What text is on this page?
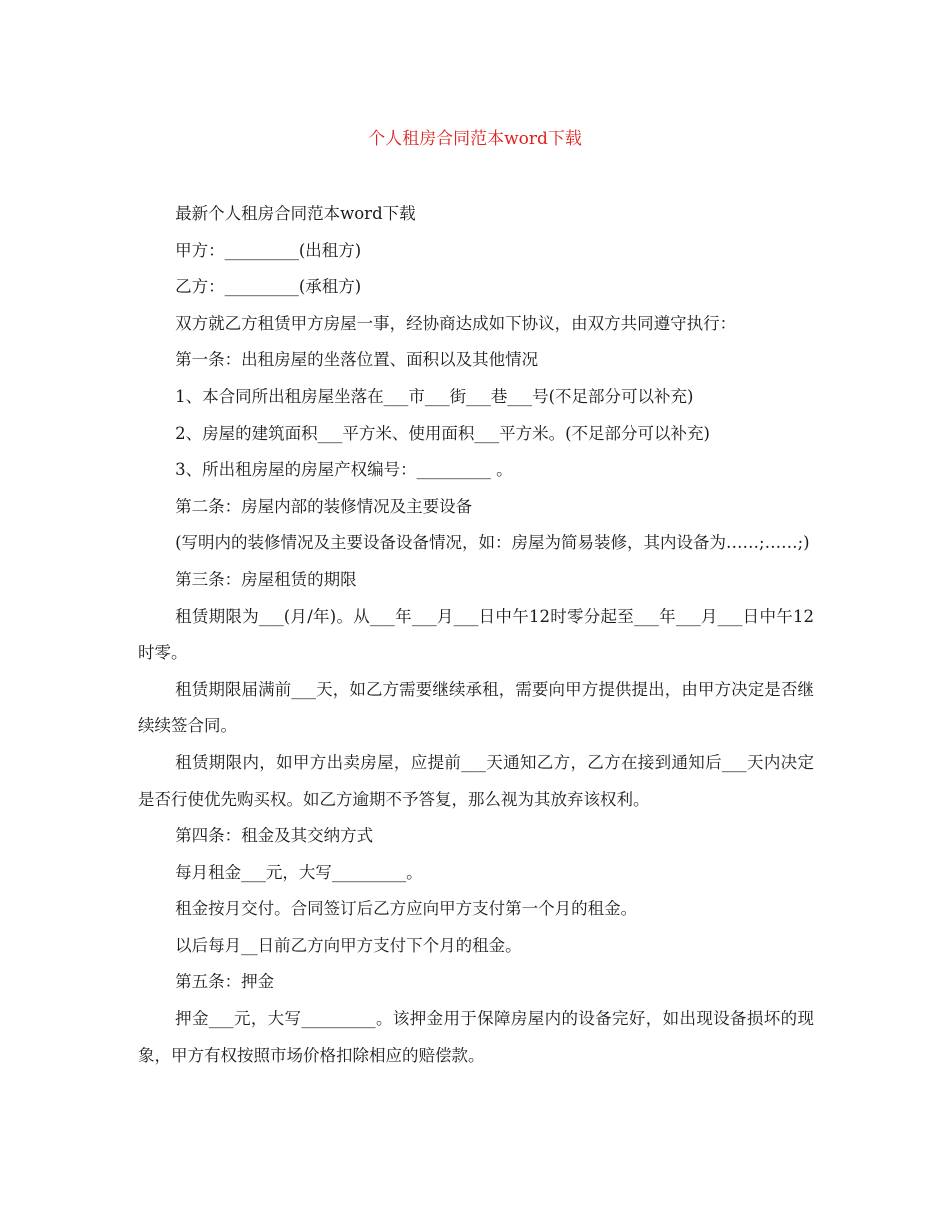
个人租房合同范本word下载

最新个人租房合同范本word下载

甲方：_________(出租方)

乙方：_________(承租方)

双方就乙方租赁甲方房屋一事，经协商达成如下协议，由双方共同遵守执行：

第一条：出租房屋的坐落位置、面积以及其他情况

1、本合同所出租房屋坐落在___市___街___巷___号(不足部分可以补充)

2、房屋的建筑面积___平方米、使用面积___平方米。(不足部分可以补充)

3、所出租房屋的房屋产权编号：_________ 。

第二条：房屋内部的装修情况及主要设备

(写明内的装修情况及主要设备设备情况，如：房屋为简易装修，其内设备为……;……;)

第三条：房屋租赁的期限

租赁期限为___(月/年)。从___年___月___日中午12时零分起至___年___月___日中午12时零。

租赁期限届满前___天，如乙方需要继续承租，需要向甲方提供提出，由甲方决定是否继续续签合同。

租赁期限内，如甲方出卖房屋，应提前___天通知乙方，乙方在接到通知后___天内决定是否行使优先购买权。如乙方逾期不予答复，那么视为其放弃该权利。

第四条：租金及其交纳方式

每月租金___元，大写_________。

租金按月交付。合同签订后乙方应向甲方支付第一个月的租金。

以后每月__日前乙方向甲方支付下个月的租金。

第五条：押金

押金___元，大写_________。该押金用于保障房屋内的设备完好，如出现设备损坏的现象，甲方有权按照市场价格扣除相应的赔偿款。
